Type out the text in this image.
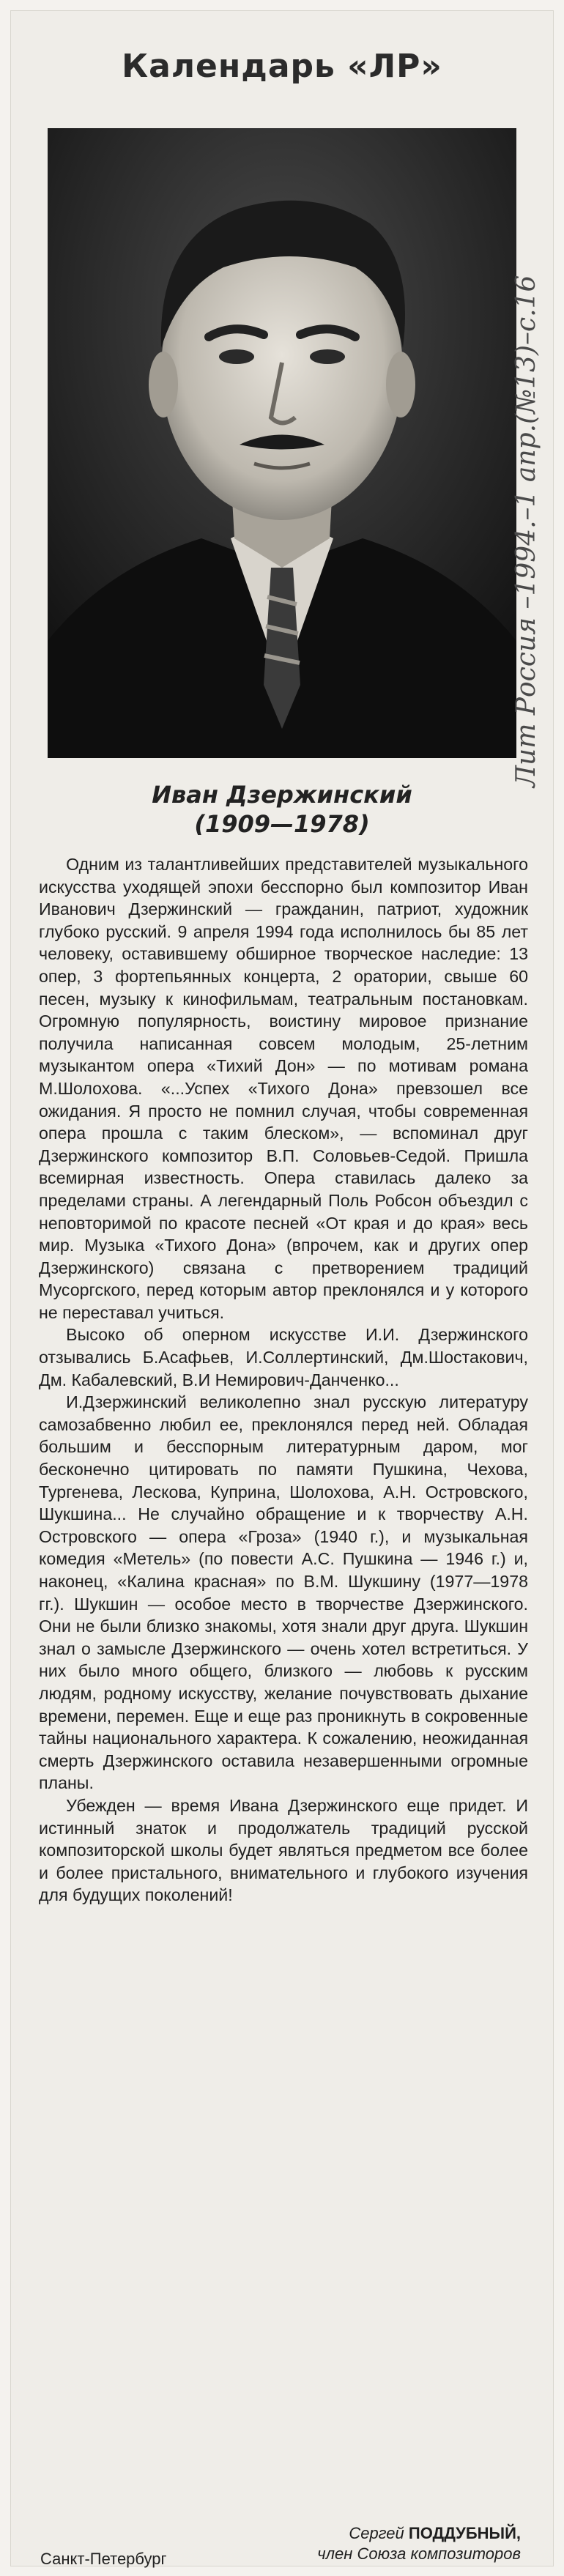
Календарь «ЛР»
Лит Россия –1994.–1 апр.(№13)–с.16
Иван Дзержинский
(1909—1978)

Одним из талантливейших представителей музыкального искусства уходящей эпохи бесспорно был композитор Иван Иванович Дзержинский — гражданин, патриот, художник глубоко русский. 9 апреля 1994 года исполнилось бы 85 лет человеку, оставившему обширное творческое наследие: 13 опер, 3 фортепьянных концерта, 2 оратории, свыше 60 песен, музыку к кинофильмам, театральным постановкам. Огромную популярность, воистину мировое признание получила написанная совсем молодым, 25-летним музыкантом опера «Тихий Дон» — по мотивам романа М.Шолохова. «...Успех «Тихого Дона» превзошел все ожидания. Я просто не помнил случая, чтобы современная опера прошла с таким блеском», — вспоминал друг Дзержинского композитор В.П. Соловьев-Седой. Пришла всемирная известность. Опера ставилась далеко за пределами страны. А легендарный Поль Робсон объездил с неповторимой по красоте песней «От края и до края» весь мир. Музыка «Тихого Дона» (впрочем, как и других опер Дзержинского) связана с претворением традиций Мусоргского, перед которым автор преклонялся и у которого не переставал учиться.

Высоко об оперном искусстве И.И. Дзержинского отзывались Б.Асафьев, И.Соллертинский, Дм.Шостакович, Дм. Кабалевский, В.И Немирович-Данченко...

И.Дзержинский великолепно знал русскую литературу самозабвенно любил ее, преклонялся перед ней. Обладая большим и бесспорным литературным даром, мог бесконечно цитировать по памяти Пушкина, Чехова, Тургенева, Лескова, Куприна, Шолохова, А.Н. Островского, Шукшина... Не случайно обращение и к творчеству А.Н. Островского — опера «Гроза» (1940 г.), и музыкальная комедия «Метель» (по повести А.С. Пушкина — 1946 г.) и, наконец, «Калина красная» по В.М. Шукшину (1977—1978 гг.). Шукшин — особое место в творчестве Дзержинского. Они не были близко знакомы, хотя знали друг друга. Шукшин знал о замысле Дзержинского — очень хотел встретиться. У них было много общего, близкого — любовь к русским людям, родному искусству, желание почувствовать дыхание времени, перемен. Еще и еще раз проникнуть в сокровенные тайны национального характера. К сожалению, неожиданная смерть Дзержинского оставила незавершенными огромные планы.

Убежден — время Ивана Дзержинского еще придет. И истинный знаток и продолжатель традиций русской композиторской школы будет являться предметом все более и более пристального, внимательного и глубокого изучения для будущих поколений!

Сергей ПОДДУБНЫЙ,
член Союза композиторов
Санкт-Петербург
